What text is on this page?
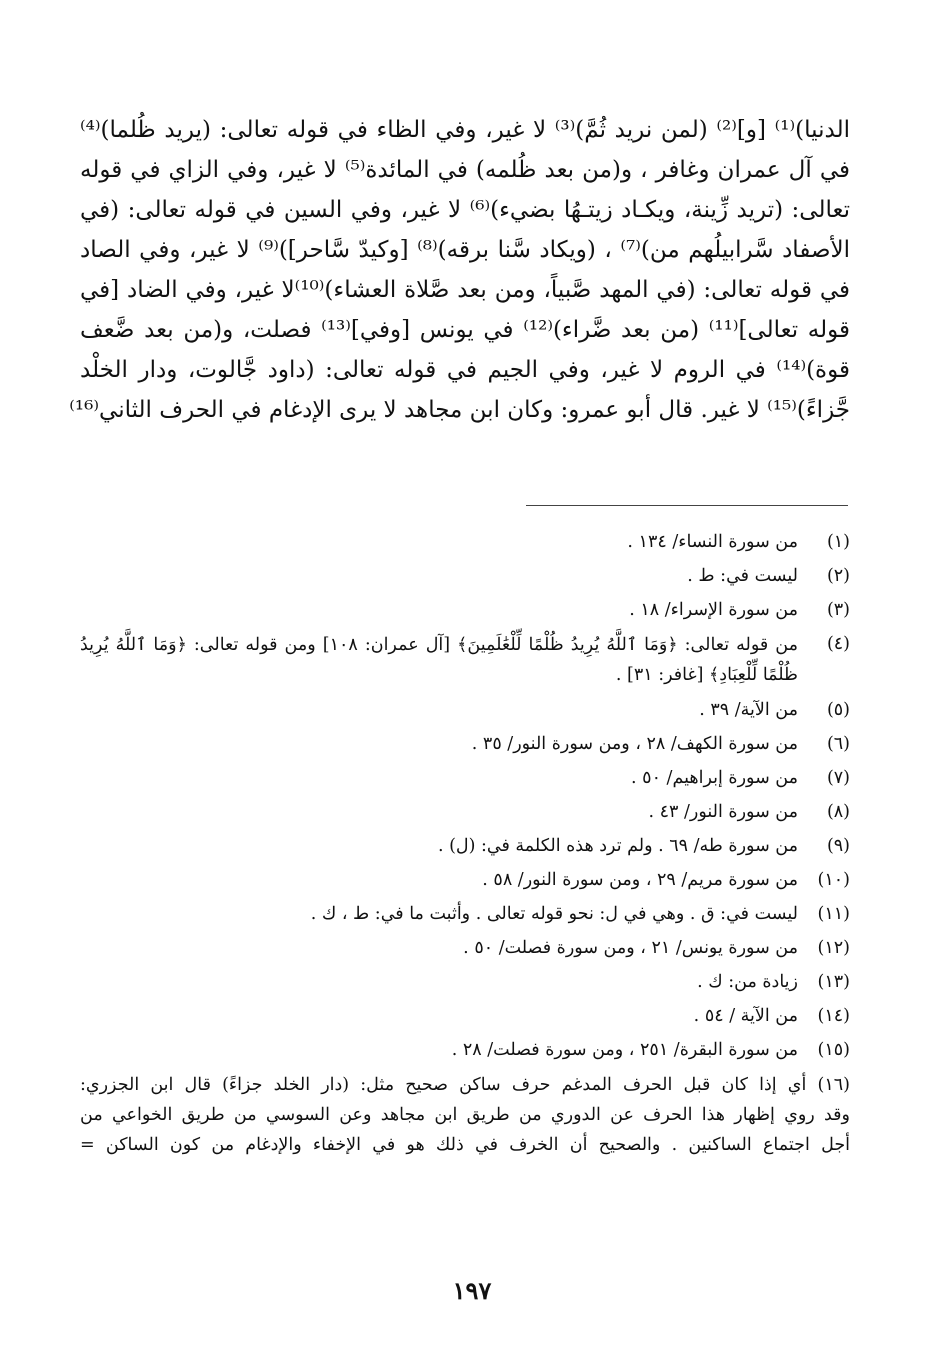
الدنيا)⁽¹⁾ [و]⁽²⁾ (لمن نريد ثُمَّ)⁽³⁾ لا غير، وفي الظاء في قوله تعالى: (يريد ظُلما)⁽⁴⁾
في آل عمران وغافر ، و(من بعد ظُلمه) في المائدة⁽⁵⁾ لا غير، وفي الزاي في قوله
تعالى: (تريد زِّينة، ويكـاد زيتـهُا بضيء)⁽⁶⁾ لا غير، وفي السين في قوله تعالى: (في
الأصفاد سَّرابيلُهم من)⁽⁷⁾ ، (ويكاد سَّنا برقه)⁽⁸⁾ [وكيدّ سَّاحر])⁽⁹⁾ لا غير، وفي الصاد
في قوله تعالى: (في المهد صَّبياً، ومن بعد صَّلاة العشاء)⁽¹⁰⁾لا غير، وفي الضاد [في
قوله تعالى]⁽¹¹⁾ (من بعد ضَّراء)⁽¹²⁾ في يونس [وفي]⁽¹³⁾ فصلت، و(من بعد ضَّعف
قوة)⁽¹⁴⁾ في الروم لا غير، وفي الجيم في قوله تعالى: (داود جَّالوت، ودار الخلْد
جَّزاءً)⁽¹⁵⁾ لا غير. قال أبو عمرو: وكان ابن مجاهد لا يرى الإدغام في الحرف الثاني⁽¹⁶⁾
(١)
من سورة النساء/ ١٣٤ .
(٢)
ليست في: ط .
(٣)
من سورة الإسراء/ ١٨ .
(٤)
من قوله تعالى: ﴿وَمَا ٱللَّهُ يُرِيدُ ظُلْمًا لِّلْعَٰلَمِينَ﴾ [آل عمران: ١٠٨] ومن قوله تعالى: ﴿وَمَا ٱللَّهُ يُرِيدُ
ظُلْمًا لِّلْعِبَادِ﴾ [غافر: ٣١] .
(٥)
من الآية/ ٣٩ .
(٦)
من سورة الكهف/ ٢٨ ، ومن سورة النور/ ٣٥ .
(٧)
من سورة إبراهيم/ ٥٠ .
(٨)
من سورة النور/ ٤٣ .
(٩)
من سورة طه/ ٦٩ . ولم ترد هذه الكلمة في: (ل) .
(١٠)
من سورة مريم/ ٢٩ ، ومن سورة النور/ ٥٨ .
(١١)
ليست في: ق . وهي في ل: نحو قوله تعالى . وأثبت ما في: ط ، ك .
(١٢)
من سورة يونس/ ٢١ ، ومن سورة فصلت/ ٥٠ .
(١٣)
زيادة من: ك .
(١٤)
من الآية / ٥٤ .
(١٥)
من سورة البقرة/ ٢٥١ ، ومن سورة فصلت/ ٢٨ .
(١٦) أي إذا كان قبل الحرف المدغم حرف ساكن صحيح مثل: (دار الخلد جزاءً) قال ابن الجزري:
وقد روي إظهار هذا الحرف عن الدوري من طريق ابن مجاهد وعن السوسي من طريق الخواعي من
أجل اجتماع الساكنين . والصحيح أن الخرف في ذلك هو في الإخفاء والإدغام من كون الساكن =
١٩٧
